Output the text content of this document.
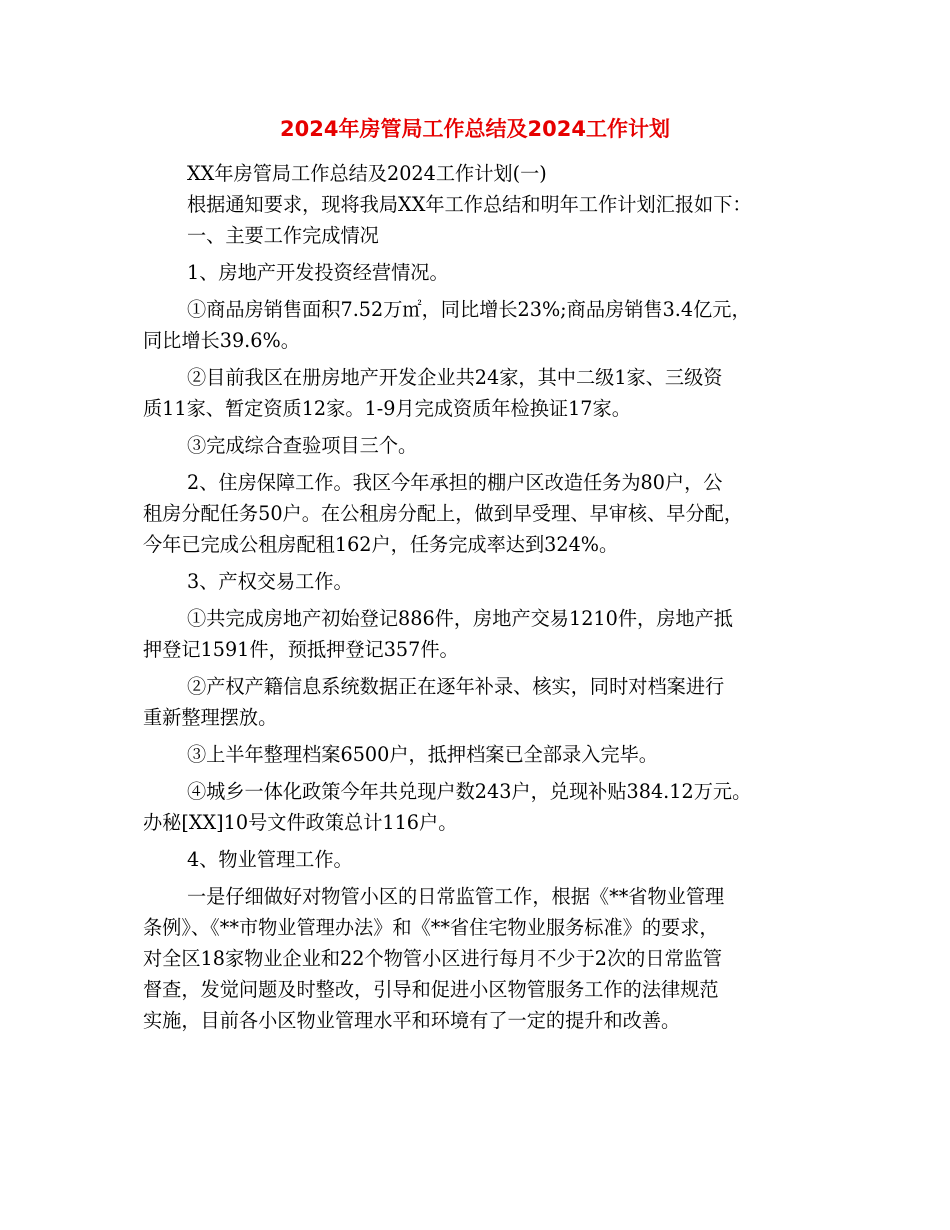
2024年房管局工作总结及2024工作计划
XX年房管局工作总结及2024工作计划(一)
根据通知要求，现将我局XX年工作总结和明年工作计划汇报如下：
一、主要工作完成情况
1、房地产开发投资经营情况。
①商品房销售面积7.52万㎡，同比增长23%;商品房销售3.4亿元，
同比增长39.6%。
②目前我区在册房地产开发企业共24家，其中二级1家、三级资
质11家、暂定资质12家。1-9月完成资质年检换证17家。
③完成综合查验项目三个。
2、住房保障工作。我区今年承担的棚户区改造任务为80户，公
租房分配任务50户。在公租房分配上，做到早受理、早审核、早分配，
今年已完成公租房配租162户，任务完成率达到324%。
3、产权交易工作。
①共完成房地产初始登记886件，房地产交易1210件，房地产抵
押登记1591件，预抵押登记357件。
②产权产籍信息系统数据正在逐年补录、核实，同时对档案进行
重新整理摆放。
③上半年整理档案6500户，抵押档案已全部录入完毕。
④城乡一体化政策今年共兑现户数243户，兑现补贴384.12万元。
办秘[XX]10号文件政策总计116户。
4、物业管理工作。
一是仔细做好对物管小区的日常监管工作，根据《**省物业管理
条例》、《**市物业管理办法》和《**省住宅物业服务标准》的要求，
对全区18家物业企业和22个物管小区进行每月不少于2次的日常监管
督查，发觉问题及时整改，引导和促进小区物管服务工作的法律规范
实施，目前各小区物业管理水平和环境有了一定的提升和改善。
